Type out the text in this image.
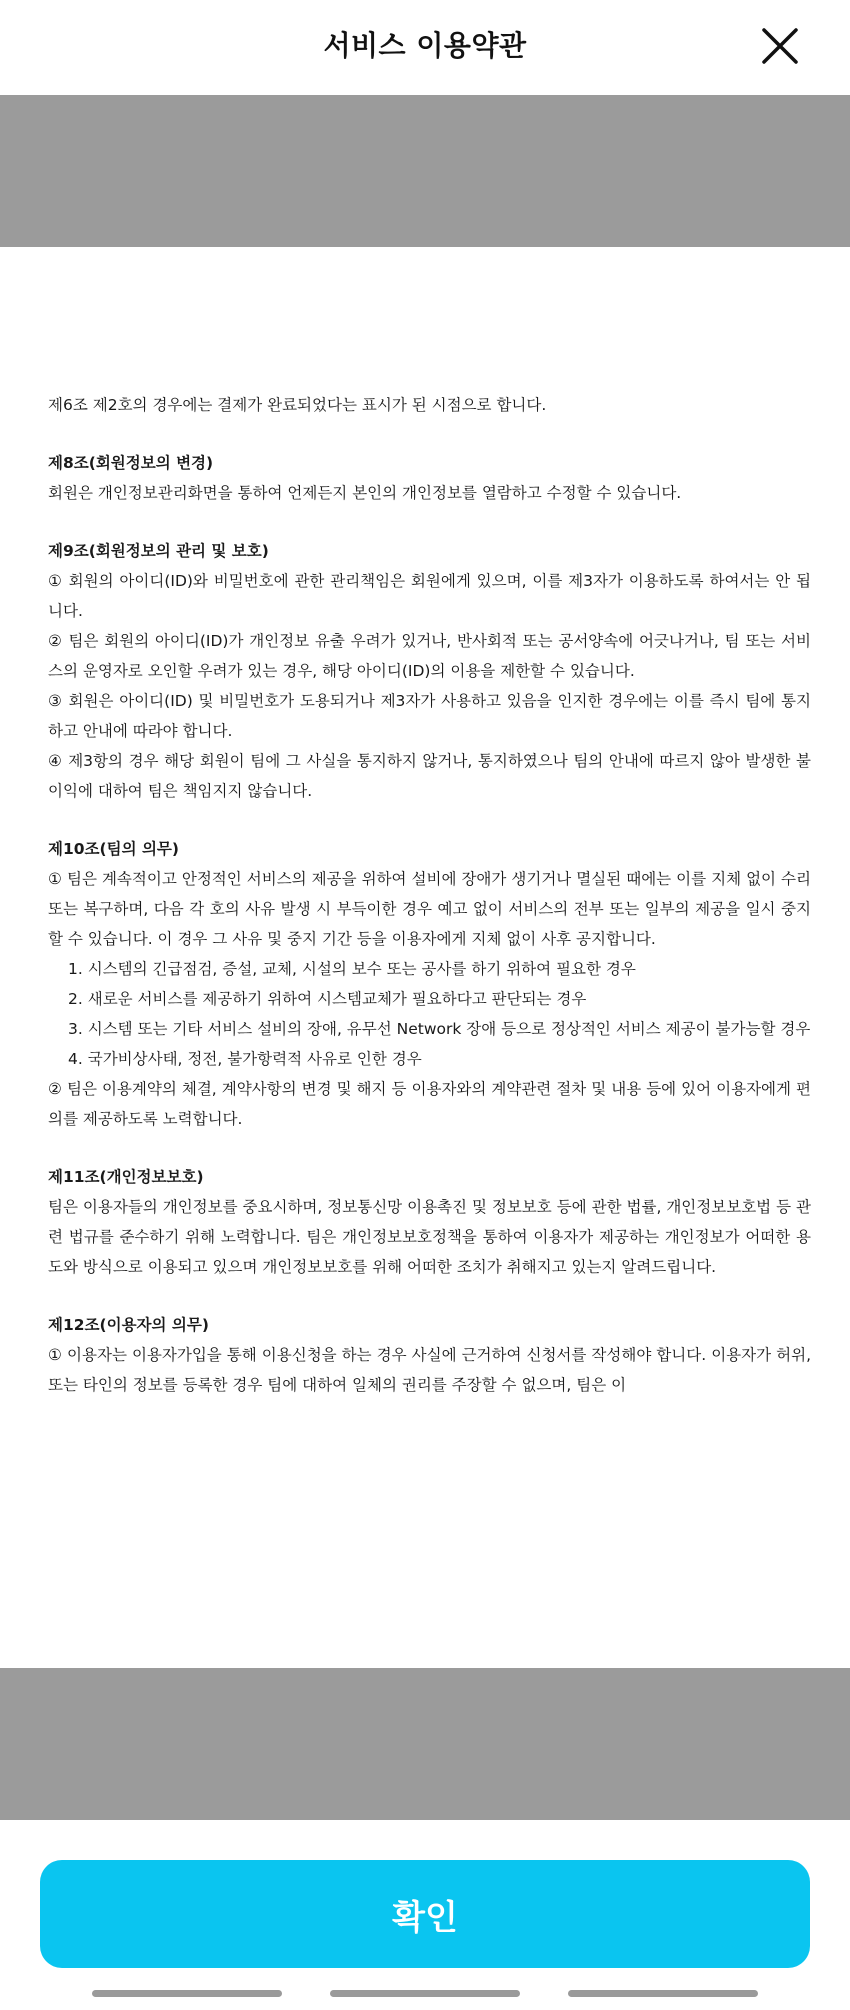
서비스 이용약관

제6조 제2호의 경우에는 결제가 완료되었다는 표시가 된 시점으로 합니다.

제8조(회원정보의 변경)

회원은 개인정보관리화면을 통하여 언제든지 본인의 개인정보를 열람하고 수정할 수 있습니다.

제9조(회원정보의 관리 및 보호)

① 회원의 아이디(ID)와 비밀번호에 관한 관리책임은 회원에게 있으며, 이를 제3자가 이용하도록 하여서는 안 됩니다.

② 팀은 회원의 아이디(ID)가 개인정보 유출 우려가 있거나, 반사회적 또는 공서양속에 어긋나거나, 팀 또는 서비스의 운영자로 오인할 우려가 있는 경우, 해당 아이디(ID)의 이용을 제한할 수 있습니다.

③ 회원은 아이디(ID) 및 비밀번호가 도용되거나 제3자가 사용하고 있음을 인지한 경우에는 이를 즉시 팀에 통지하고 안내에 따라야 합니다.

④ 제3항의 경우 해당 회원이 팀에 그 사실을 통지하지 않거나, 통지하였으나 팀의 안내에 따르지 않아 발생한 불이익에 대하여 팀은 책임지지 않습니다.

제10조(팀의 의무)

① 팀은 계속적이고 안정적인 서비스의 제공을 위하여 설비에 장애가 생기거나 멸실된 때에는 이를 지체 없이 수리 또는 복구하며, 다음 각 호의 사유 발생 시 부득이한 경우 예고 없이 서비스의 전부 또는 일부의 제공을 일시 중지할 수 있습니다. 이 경우 그 사유 및 중지 기간 등을 이용자에게 지체 없이 사후 공지합니다.

1. 시스템의 긴급점검, 증설, 교체, 시설의 보수 또는 공사를 하기 위하여 필요한 경우

2. 새로운 서비스를 제공하기 위하여 시스템교체가 필요하다고 판단되는 경우

3. 시스템 또는 기타 서비스 설비의 장애, 유무선 Network 장애 등으로 정상적인 서비스 제공이 불가능할 경우

4. 국가비상사태, 정전, 불가항력적 사유로 인한 경우

② 팀은 이용계약의 체결, 계약사항의 변경 및 해지 등 이용자와의 계약관련 절차 및 내용 등에 있어 이용자에게 편의를 제공하도록 노력합니다.

제11조(개인정보보호)

팀은 이용자들의 개인정보를 중요시하며, 정보통신망 이용촉진 및 정보보호 등에 관한 법률, 개인정보보호법 등 관련 법규를 준수하기 위해 노력합니다. 팀은 개인정보보호정책을 통하여 이용자가 제공하는 개인정보가 어떠한 용도와 방식으로 이용되고 있으며 개인정보보호를 위해 어떠한 조치가 취해지고 있는지 알려드립니다.

제12조(이용자의 의무)

① 이용자는 이용자가입을 통해 이용신청을 하는 경우 사실에 근거하여 신청서를 작성해야 합니다. 이용자가 허위, 또는 타인의 정보를 등록한 경우 팀에 대하여 일체의 권리를 주장할 수 없으며, 팀은 이

확인
